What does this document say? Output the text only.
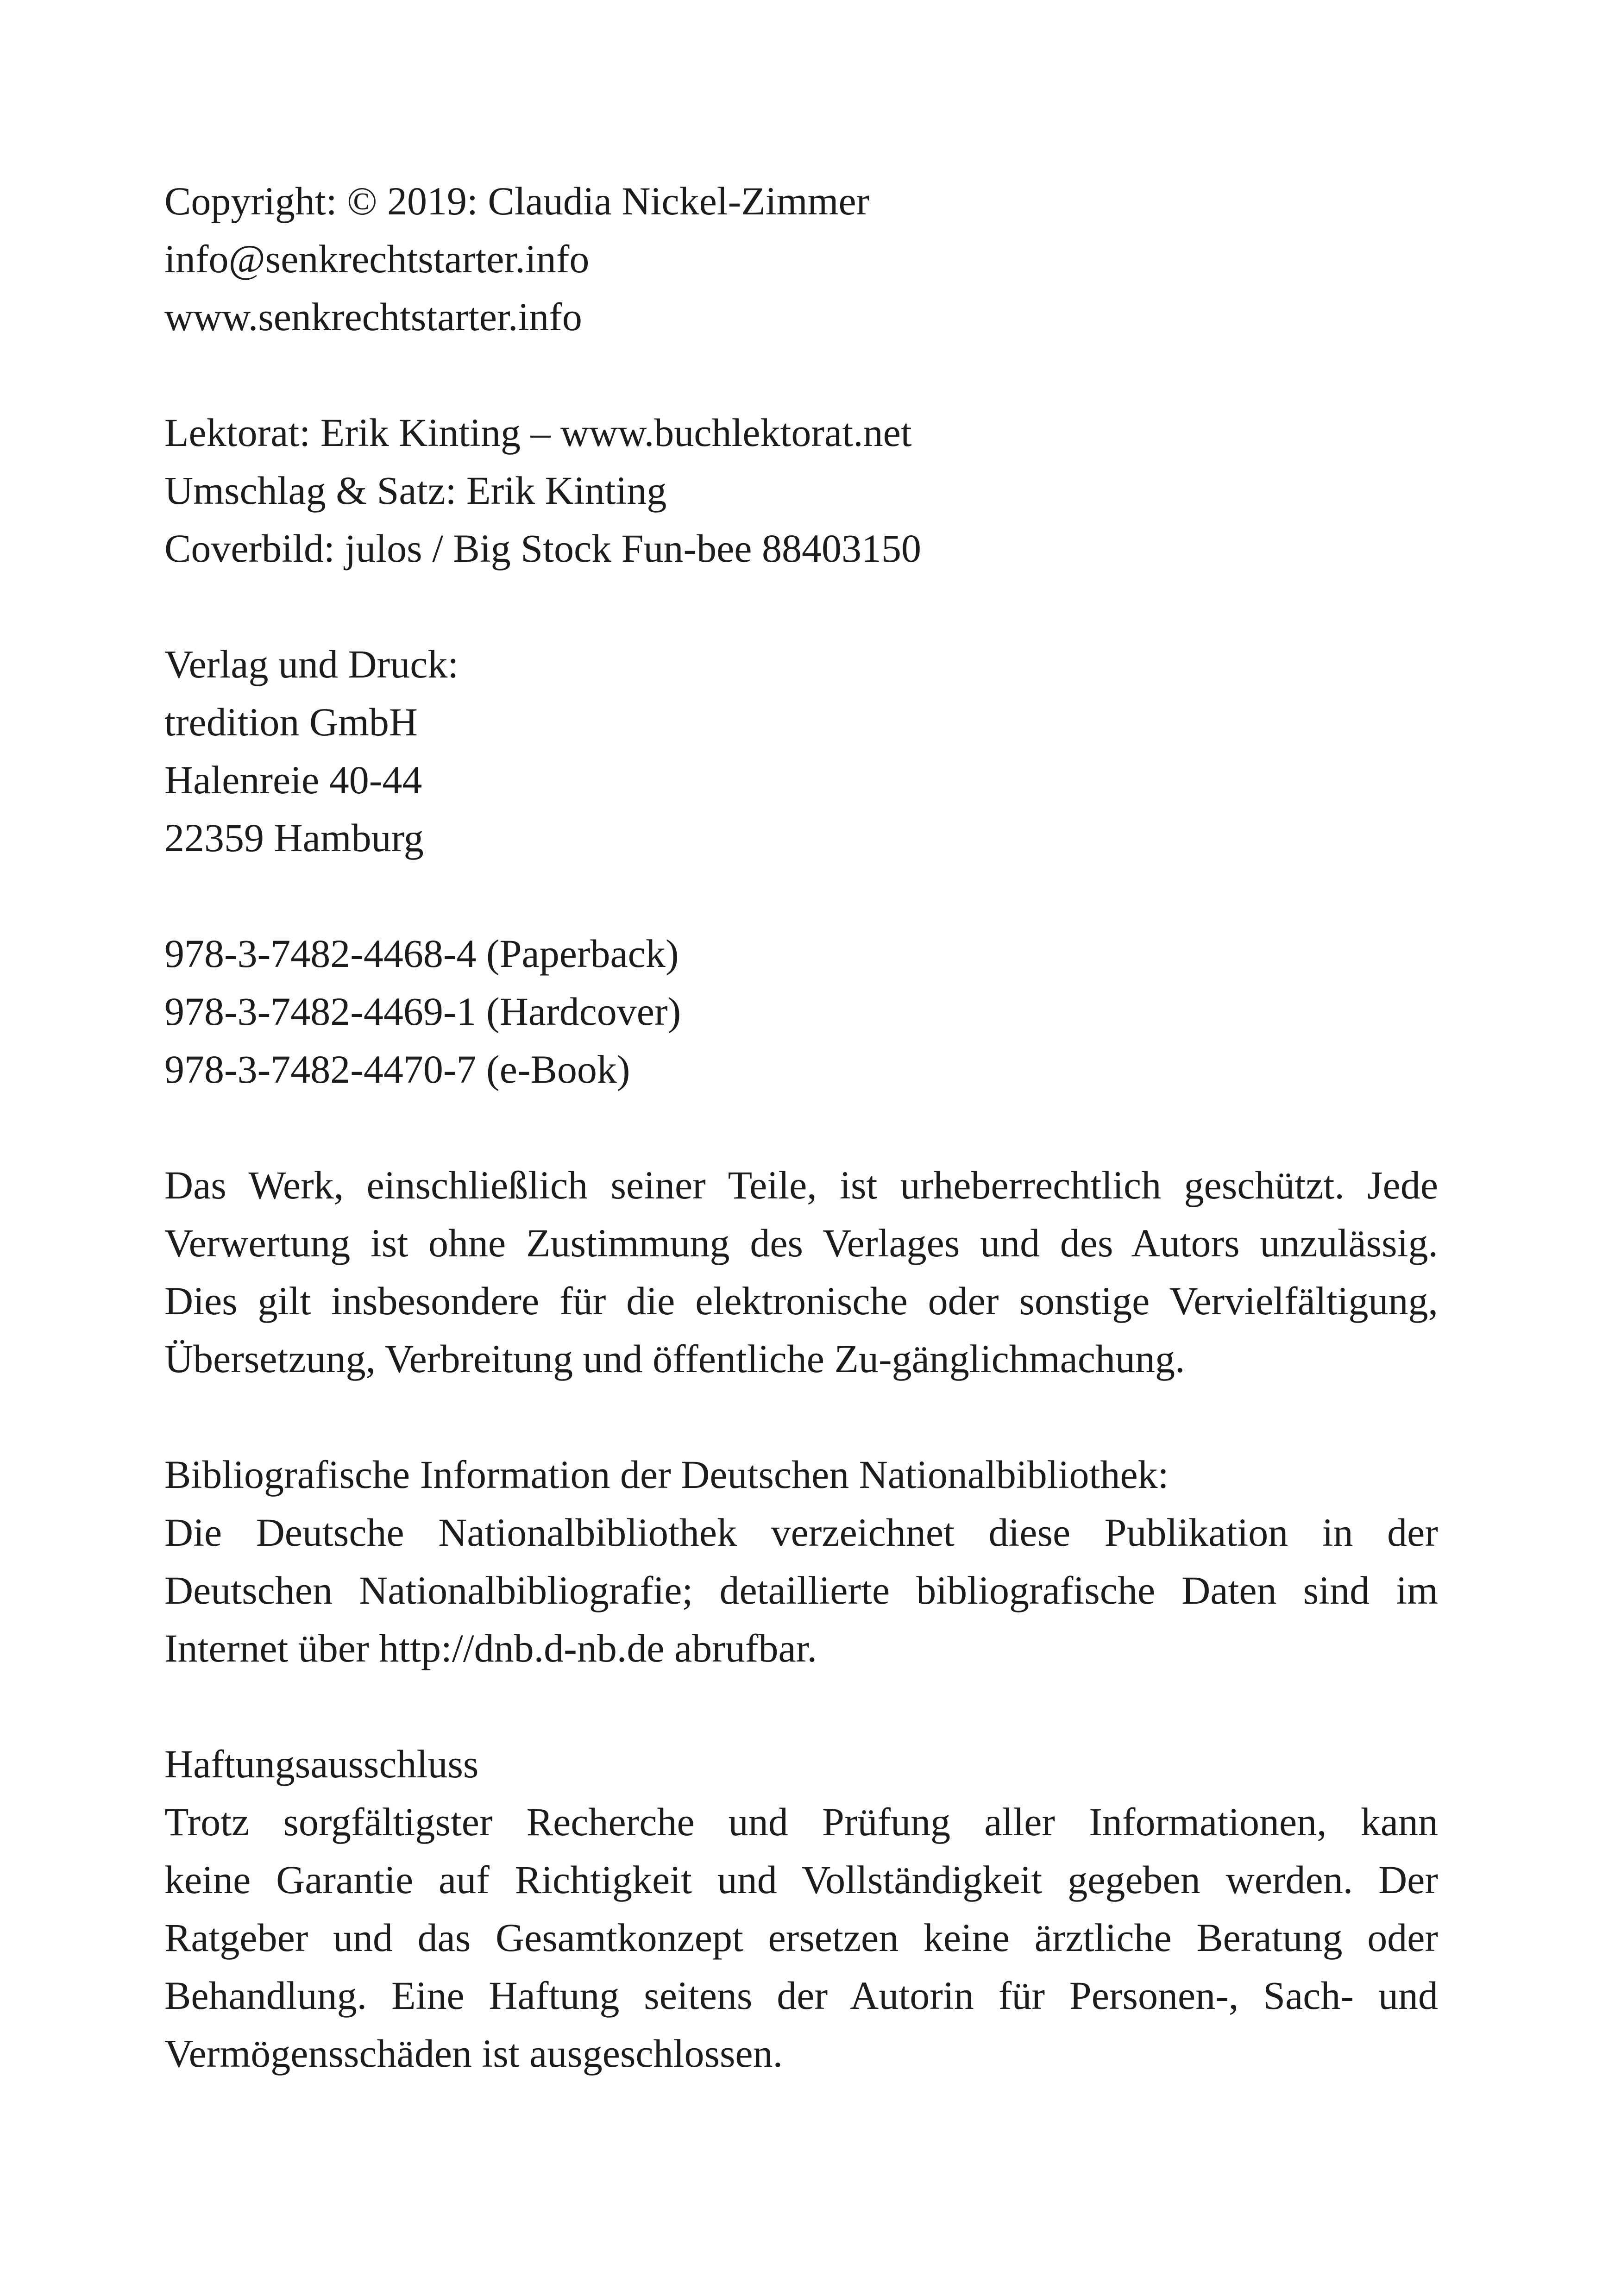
Copyright: © 2019: Claudia Nickel-Zimmer
info@senkrechtstarter.info
www.senkrechtstarter.info
Lektorat: Erik Kinting – www.buchlektorat.net
Umschlag & Satz: Erik Kinting
Coverbild: julos / Big Stock Fun-bee 88403150
Verlag und Druck:
tredition GmbH
Halenreie 40-44
22359 Hamburg
978-3-7482-4468-4 (Paperback)
978-3-7482-4469-1 (Hardcover)
978-3-7482-4470-7 (e-Book)
Das Werk, einschließlich seiner Teile, ist urheberrechtlich geschützt. Jede
Verwertung ist ohne Zustimmung des Verlages und des Autors unzulässig.
Dies gilt insbesondere für die elektronische oder sonstige Vervielfältigung,
Übersetzung, Verbreitung und öffentliche Zu-gänglichmachung.
Bibliografische Information der Deutschen Nationalbibliothek:
Die Deutsche Nationalbibliothek verzeichnet diese Publikation in der
Deutschen Nationalbibliografie; detaillierte bibliografische Daten sind im
Internet über http://dnb.d-nb.de abrufbar.
Haftungsausschluss
Trotz sorgfältigster Recherche und Prüfung aller Informationen, kann
keine Garantie auf Richtigkeit und Vollständigkeit gegeben werden. Der
Ratgeber und das Gesamtkonzept ersetzen keine ärztliche Beratung oder
Behandlung. Eine Haftung seitens der Autorin für Personen-, Sach- und
Vermögensschäden ist ausgeschlossen.
